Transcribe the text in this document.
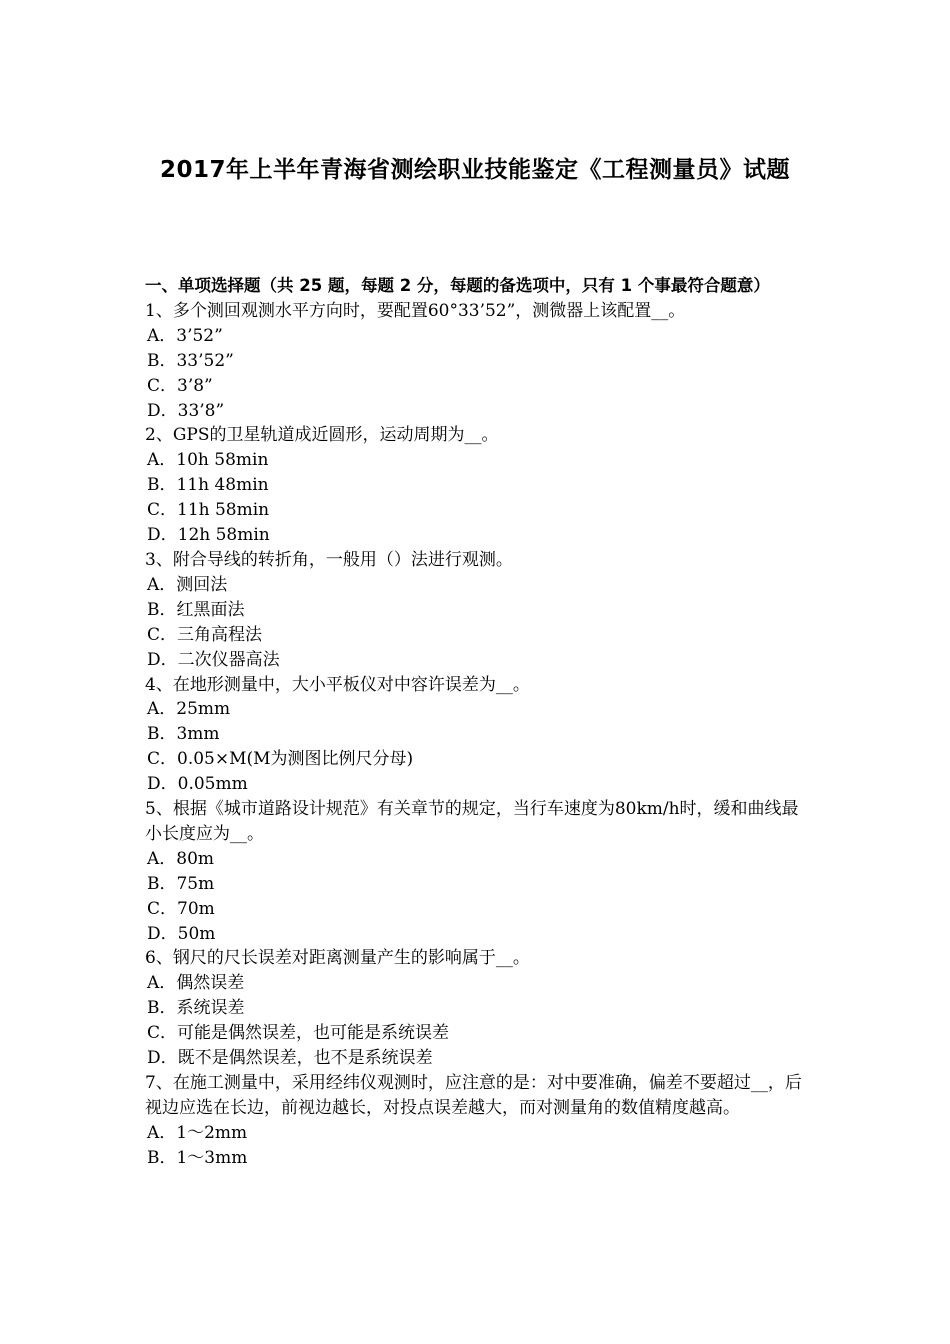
2017年上半年青海省测绘职业技能鉴定《工程测量员》试题

一、单项选择题（共 25 题，每题 2 分，每题的备选项中，只有 1 个事最符合题意）

1、多个测回观测水平方向时，要配置60°33’52”，测微器上该配置__。

A．3’52”

B．33’52”

C．3’8”

D．33’8”

2、GPS的卫星轨道成近圆形，运动周期为__。

A．10h 58min

B．11h 48min

C．11h 58min

D．12h 58min

3、附合导线的转折角，一般用（）法进行观测。

A．测回法

B．红黑面法

C．三角高程法

D．二次仪器高法

4、在地形测量中，大小平板仪对中容许误差为__。

A．25mm

B．3mm

C．0.05×M(M为测图比例尺分母)

D．0.05mm

5、根据《城市道路设计规范》有关章节的规定，当行车速度为80km/h时，缓和曲线最小长度应为__。

A．80m

B．75m

C．70m

D．50m

6、钢尺的尺长误差对距离测量产生的影响属于__。

A．偶然误差

B．系统误差

C．可能是偶然误差，也可能是系统误差

D．既不是偶然误差，也不是系统误差

7、在施工测量中，采用经纬仪观测时，应注意的是：对中要准确，偏差不要超过__，后视边应选在长边，前视边越长，对投点误差越大，而对测量角的数值精度越高。

A．1～2mm

B．1～3mm
